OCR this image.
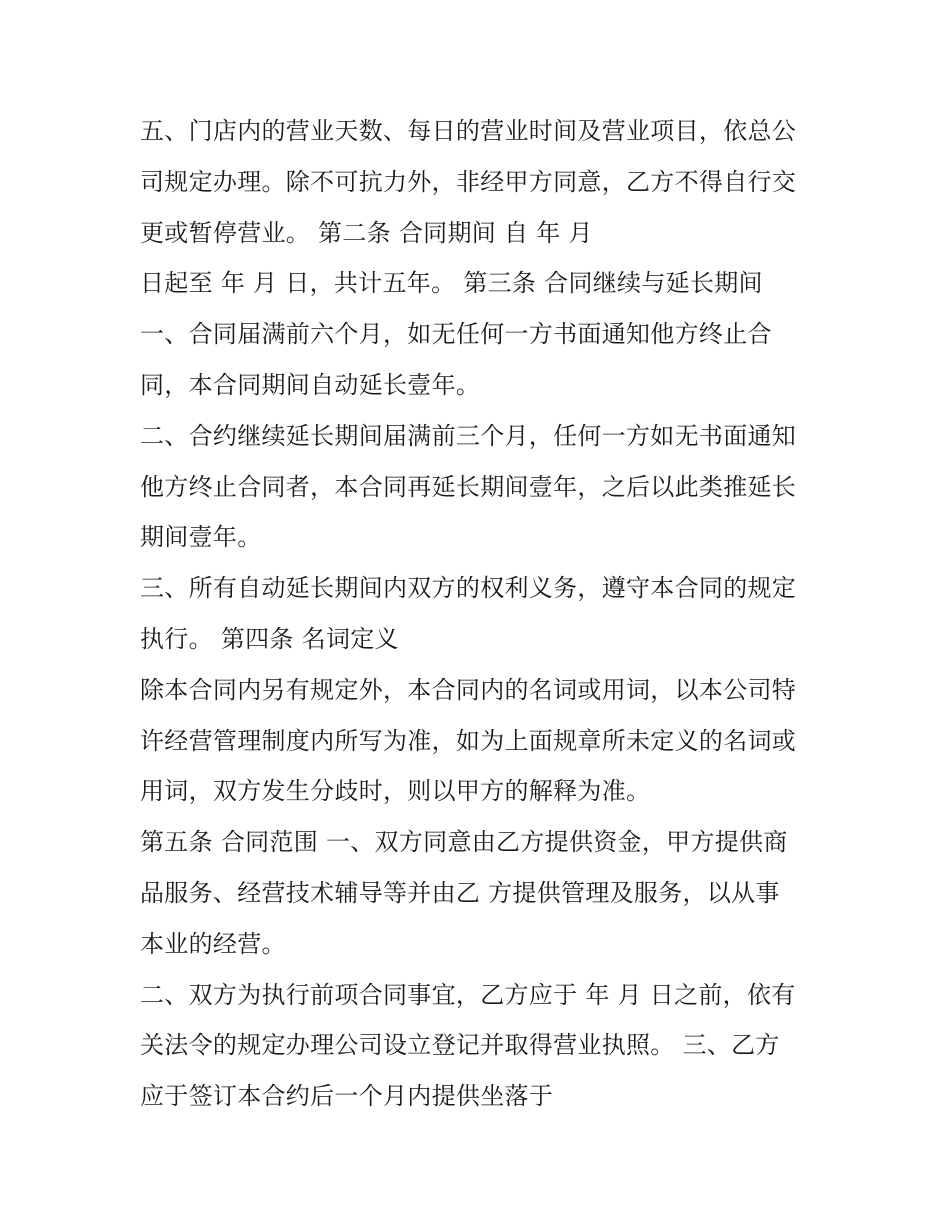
五、门店内的营业天数、每日的营业时间及营业项目，依总公
司规定办理。除不可抗力外，非经甲方同意，乙方不得自行交
更或暂停营业。 第二条 合同期间 自 年 月
日起至 年 月 日，共计五年。 第三条 合同继续与延长期间
一、合同届满前六个月，如无任何一方书面通知他方终止合
同，本合同期间自动延长壹年。
二、合约继续延长期间届满前三个月，任何一方如无书面通知
他方终止合同者，本合同再延长期间壹年，之后以此类推延长
期间壹年。
三、所有自动延长期间内双方的权利义务，遵守本合同的规定
执行。 第四条 名词定义
除本合同内另有规定外，本合同内的名词或用词，以本公司特
许经营管理制度内所写为准，如为上面规章所未定义的名词或
用词，双方发生分歧时，则以甲方的解释为准。
第五条 合同范围 一、双方同意由乙方提供资金，甲方提供商
品服务、经营技术辅导等并由乙 方提供管理及服务，以从事
本业的经营。
二、双方为执行前项合同事宜，乙方应于 年 月 日之前，依有
关法令的规定办理公司设立登记并取得营业执照。 三、乙方
应于签订本合约后一个月内提供坐落于
